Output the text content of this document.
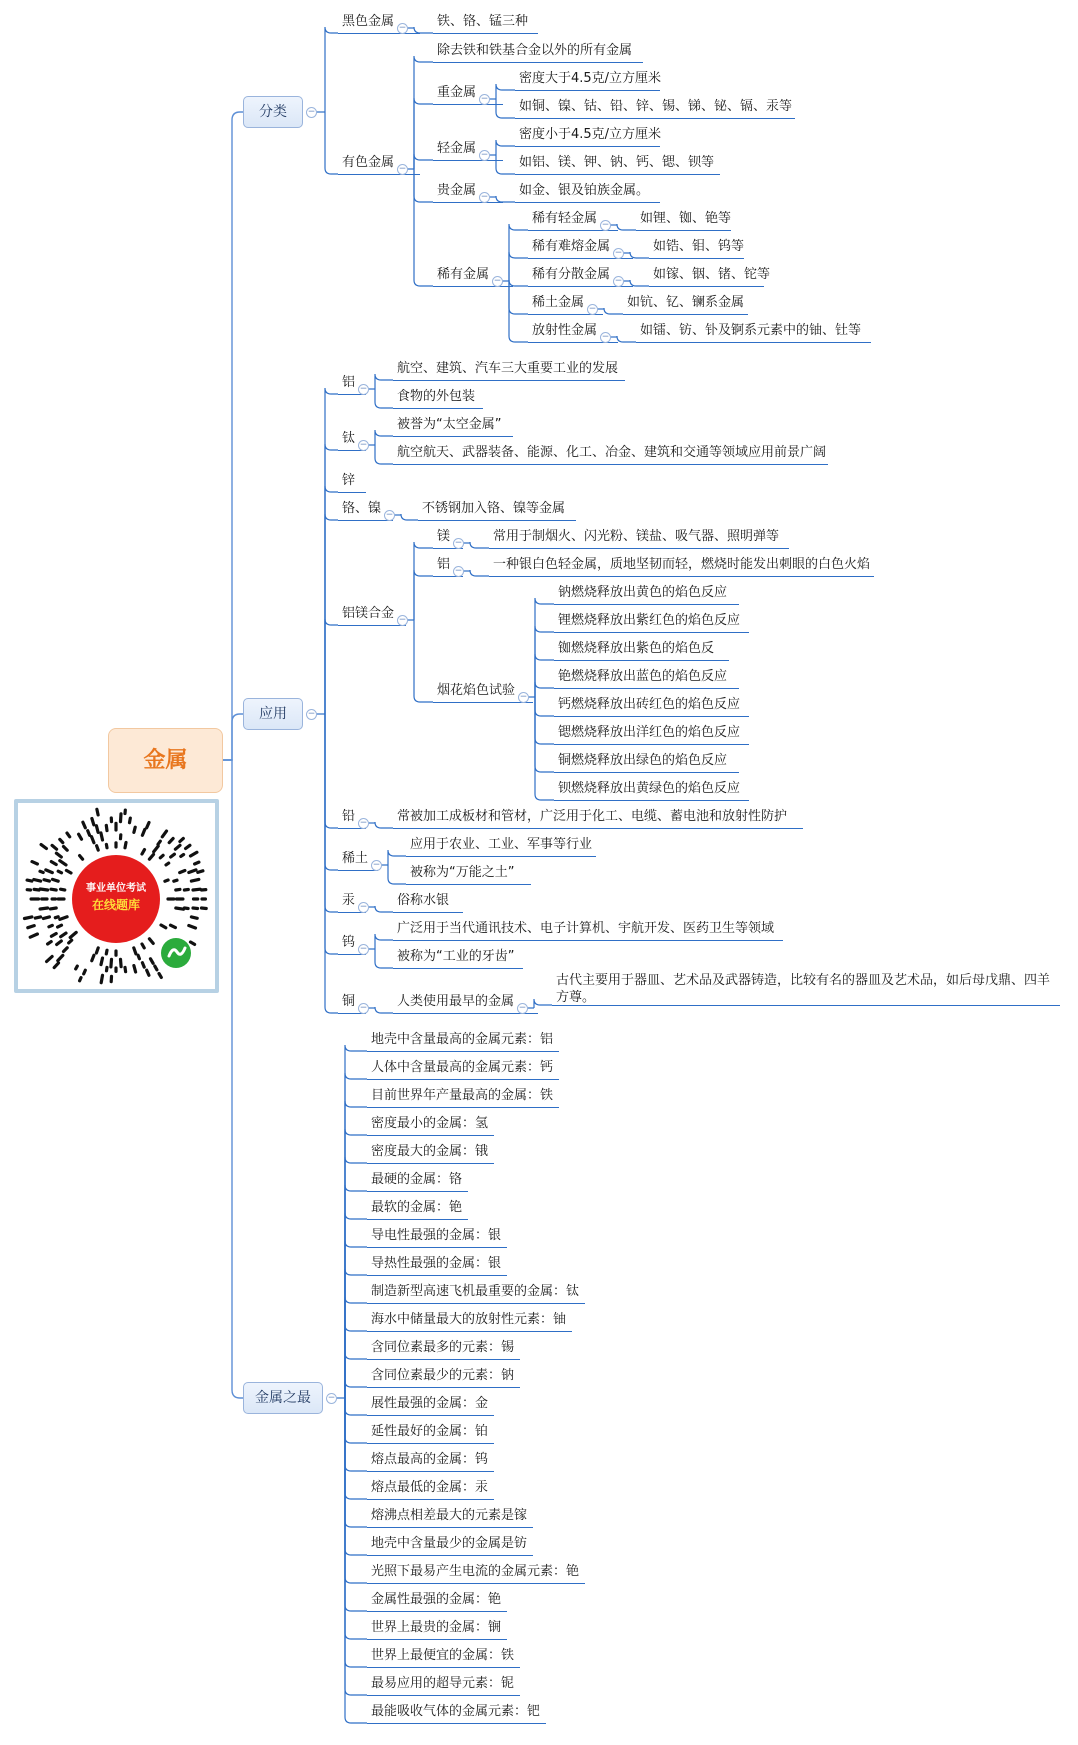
金属
事业单位考试
在线题库
分类	−
黑色金属 − 铁、铬、锰三种
有色金属 −
除去铁和铁基合金以外的所有金属
重金属 −
密度大于4.5克/立方厘米
如铜、镍、钴、铅、锌、锡、锑、铋、镉、汞等
轻金属 −
密度小于4.5克/立方厘米
如铝、镁、钾、钠、钙、锶、钡等
贵金属 − 如金、银及铂族金属。
稀有金属 −
稀有轻金属 − 如锂、铷、铯等
稀有难熔金属 − 如锆、钼、钨等
稀有分散金属 − 如镓、铟、锗、铊等
稀土金属 − 如钪、钇、镧系金属
放射性金属 − 如镭、钫、钋及锕系元素中的铀、钍等
应用	−
铝 −
航空、建筑、汽车三大重要工业的发展
食物的外包装
钛 −
被誉为“太空金属”
航空航天、武器装备、能源、化工、冶金、建筑和交通等领域应用前景广阔
锌
铬、镍 − 不锈钢加入铬、镍等金属
铝镁合金 −
镁 − 常用于制烟火、闪光粉、镁盐、吸气器、照明弹等
铝 − 一种银白色轻金属，质地坚韧而轻，燃烧时能发出刺眼的白色火焰
烟花焰色试验 −
钠燃烧释放出黄色的焰色反应
锂燃烧释放出紫红色的焰色反应
铷燃烧释放出紫色的焰色反
铯燃烧释放出蓝色的焰色反应
钙燃烧释放出砖红色的焰色反应
锶燃烧释放出洋红色的焰色反应
铜燃烧释放出绿色的焰色反应
钡燃烧释放出黄绿色的焰色反应
铅 − 常被加工成板材和管材，广泛用于化工、电缆、蓄电池和放射性防护
稀土 −
应用于农业、工业、军事等行业
被称为“万能之土”
汞 − 俗称水银
钨 −
广泛用于当代通讯技术、电子计算机、宇航开发、医药卫生等领域
被称为“工业的牙齿”
铜 − 人类使用最早的金属 −
古代主要用于器皿、艺术品及武器铸造，比较有名的器皿及艺术品，如后母戊鼎、四羊方尊。
金属之最	−
地壳中含量最高的金属元素：铝
人体中含量最高的金属元素：钙
目前世界年产量最高的金属：铁
密度最小的金属：氢
密度最大的金属：锇
最硬的金属：铬
最软的金属：铯
导电性最强的金属：银
导热性最强的金属：银
制造新型高速飞机最重要的金属：钛
海水中储量最大的放射性元素：铀
含同位素最多的元素：锡
含同位素最少的元素：钠
展性最强的金属：金
延性最好的金属：铂
熔点最高的金属：钨
熔点最低的金属：汞
熔沸点相差最大的元素是镓
地壳中含量最少的金属是钫
光照下最易产生电流的金属元素：铯
金属性最强的金属：铯
世界上最贵的金属：锎
世界上最便宜的金属：铁
最易应用的超导元素：铌
最能吸收气体的金属元素：钯
